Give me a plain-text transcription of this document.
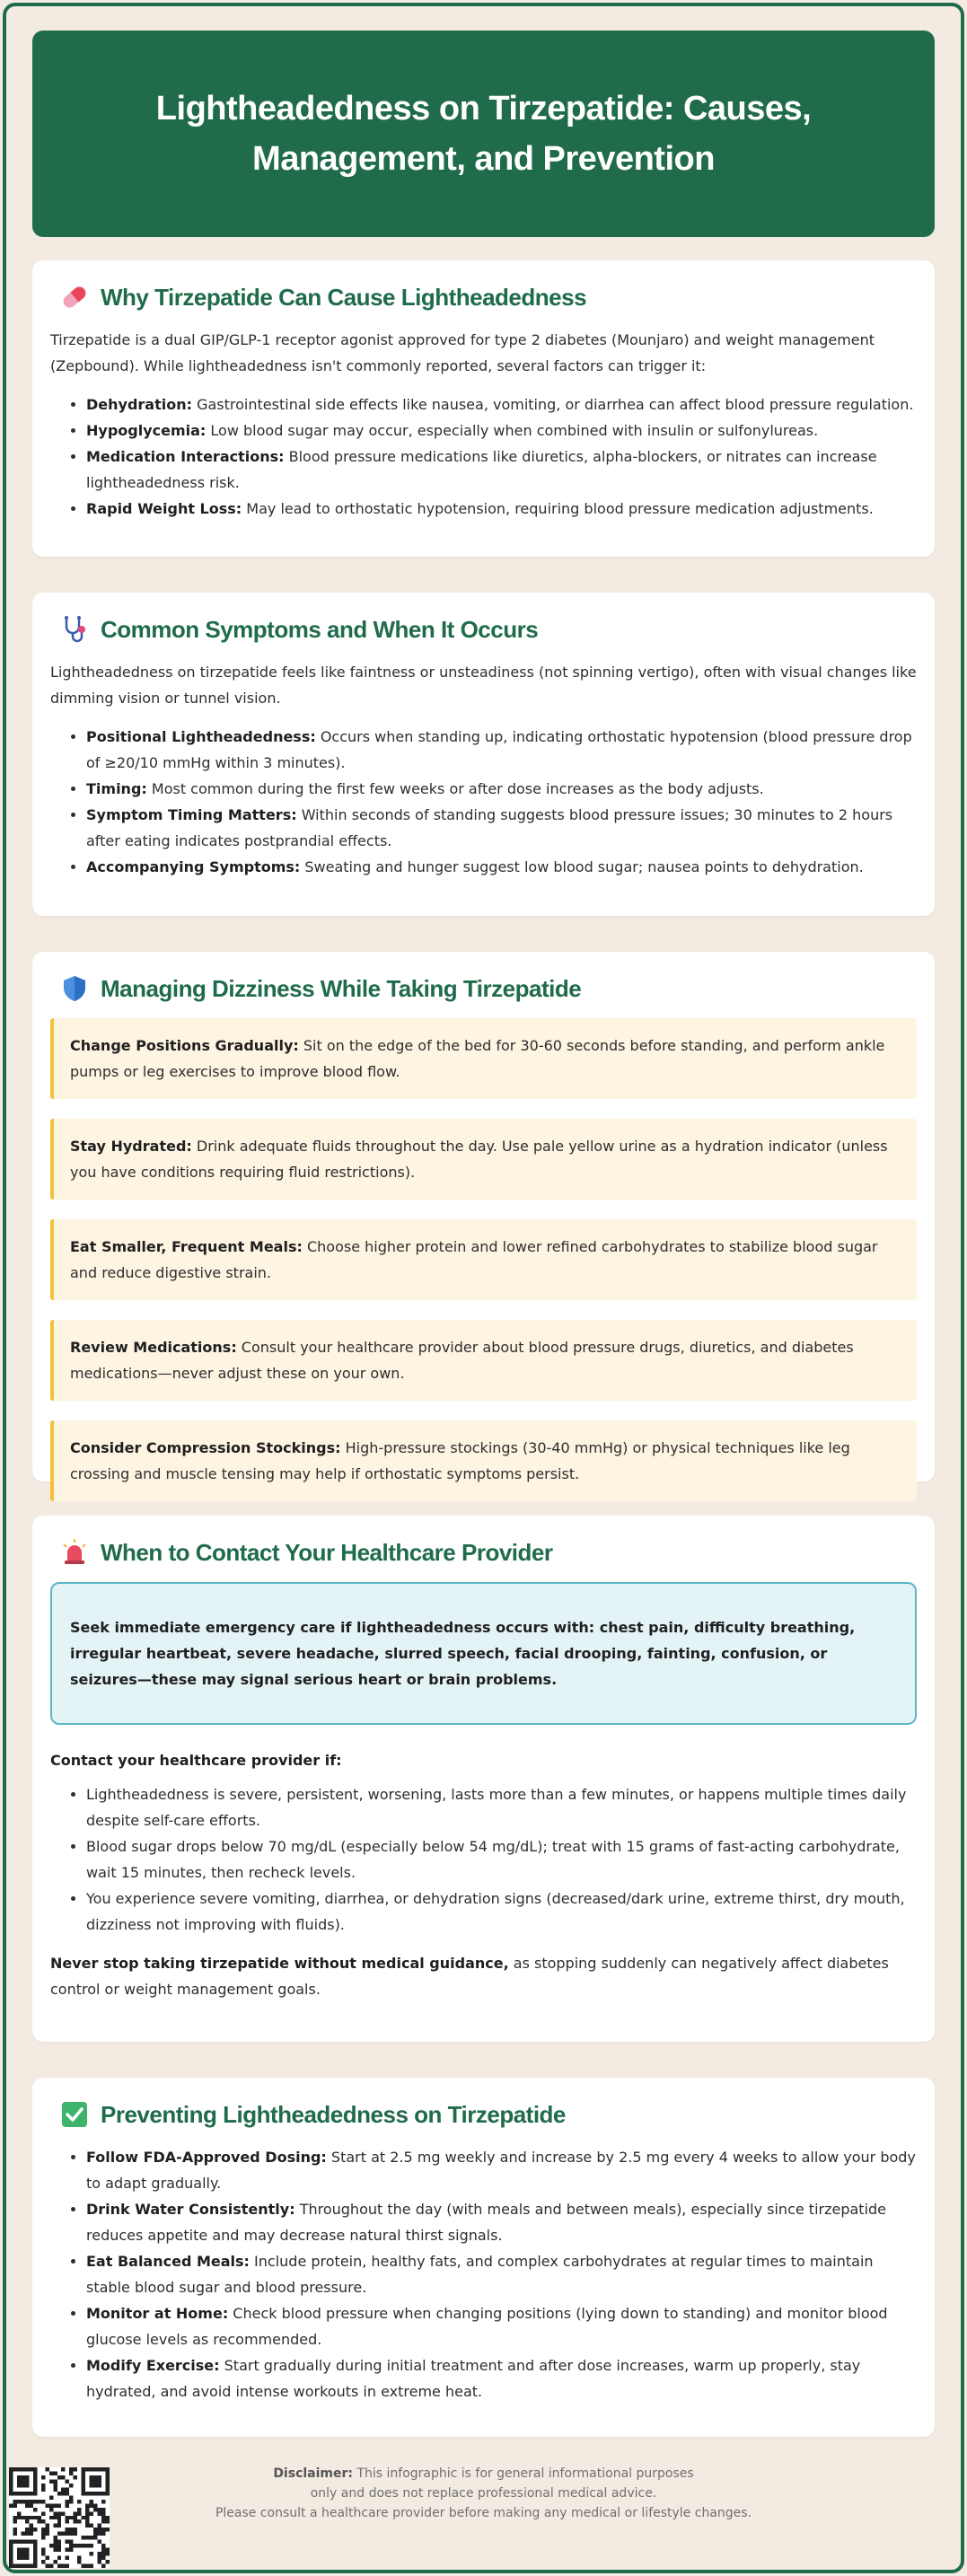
Lightheadedness on Tirzepatide: Causes, Management, and Prevention
Why Tirzepatide Can Cause Lightheadedness

Tirzepatide is a dual GIP/GLP-1 receptor agonist approved for type 2 diabetes (Mounjaro) and weight management (Zepbound). While lightheadedness isn't commonly reported, several factors can trigger it:

• Dehydration: Gastrointestinal side effects like nausea, vomiting, or diarrhea can affect blood pressure regulation.
• Hypoglycemia: Low blood sugar may occur, especially when combined with insulin or sulfonylureas.
• Medication Interactions: Blood pressure medications like diuretics, alpha-blockers, or nitrates can increase lightheadedness risk.
• Rapid Weight Loss: May lead to orthostatic hypotension, requiring blood pressure medication adjustments.
Common Symptoms and When It Occurs

Lightheadedness on tirzepatide feels like faintness or unsteadiness (not spinning vertigo), often with visual changes like dimming vision or tunnel vision.

• Positional Lightheadedness: Occurs when standing up, indicating orthostatic hypotension (blood pressure drop of ≥20/10 mmHg within 3 minutes).
• Timing: Most common during the first few weeks or after dose increases as the body adjusts.
• Symptom Timing Matters: Within seconds of standing suggests blood pressure issues; 30 minutes to 2 hours after eating indicates postprandial effects.
• Accompanying Symptoms: Sweating and hunger suggest low blood sugar; nausea points to dehydration.
Managing Dizziness While Taking Tirzepatide
Change Positions Gradually: Sit on the edge of the bed for 30-60 seconds before standing, and perform ankle pumps or leg exercises to improve blood flow.
Stay Hydrated: Drink adequate fluids throughout the day. Use pale yellow urine as a hydration indicator (unless you have conditions requiring fluid restrictions).
Eat Smaller, Frequent Meals: Choose higher protein and lower refined carbohydrates to stabilize blood sugar and reduce digestive strain.
Review Medications: Consult your healthcare provider about blood pressure drugs, diuretics, and diabetes medications—never adjust these on your own.
Consider Compression Stockings: High-pressure stockings (30-40 mmHg) or physical techniques like leg crossing and muscle tensing may help if orthostatic symptoms persist.
When to Contact Your Healthcare Provider
Seek immediate emergency care if lightheadedness occurs with: chest pain, difficulty breathing, irregular heartbeat, severe headache, slurred speech, facial drooping, fainting, confusion, or seizures—these may signal serious heart or brain problems.
Contact your healthcare provider if:
• Lightheadedness is severe, persistent, worsening, lasts more than a few minutes, or happens multiple times daily despite self-care efforts.
• Blood sugar drops below 70 mg/dL (especially below 54 mg/dL); treat with 15 grams of fast-acting carbohydrate, wait 15 minutes, then recheck levels.
• You experience severe vomiting, diarrhea, or dehydration signs (decreased/dark urine, extreme thirst, dry mouth, dizziness not improving with fluids).

Never stop taking tirzepatide without medical guidance, as stopping suddenly can negatively affect diabetes control or weight management goals.

Preventing Lightheadedness on Tirzepatide
• Follow FDA-Approved Dosing: Start at 2.5 mg weekly and increase by 2.5 mg every 4 weeks to allow your body to adapt gradually.
• Drink Water Consistently: Throughout the day (with meals and between meals), especially since tirzepatide reduces appetite and may decrease natural thirst signals.
• Eat Balanced Meals: Include protein, healthy fats, and complex carbohydrates at regular times to maintain stable blood sugar and blood pressure.
• Monitor at Home: Check blood pressure when changing positions (lying down to standing) and monitor blood glucose levels as recommended.
• Modify Exercise: Start gradually during initial treatment and after dose increases, warm up properly, stay hydrated, and avoid intense workouts in extreme heat.
Disclaimer: This infographic is for general informational purposes
only and does not replace professional medical advice.
Please consult a healthcare provider before making any medical or lifestyle changes.
